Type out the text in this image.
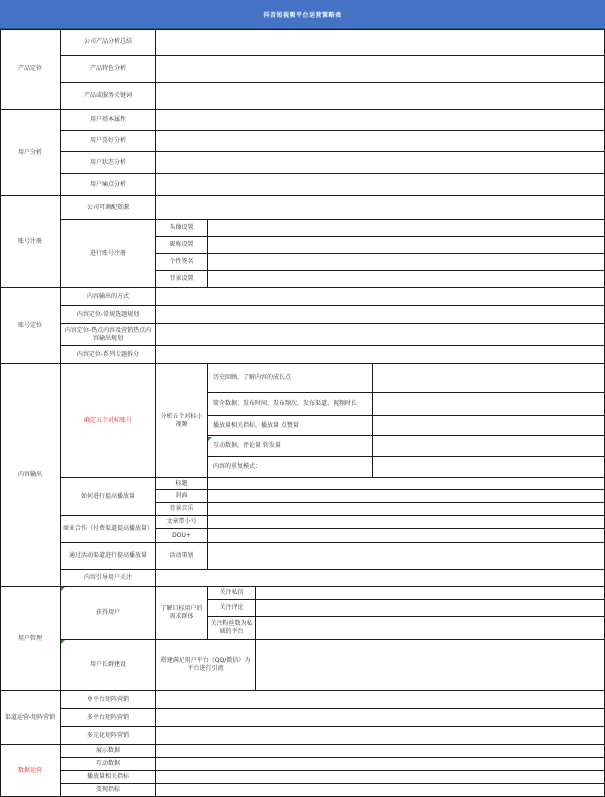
抖音短视频平台运营策略表
产品定位
公司产品分析总结
产品特色分析
产品或服务关键词
用户分析
用户基本属性
用户喜好分析
用户状态分析
用户痛点分析
账号注册
公司可调配资源
进行账号注册
头像设置
昵称设置
个性签名
背景设置
账号定位
内容输出的方式
内容定位-常规选题规划
内容定位-热点内容及营销热点内容输出规划
内容定位-系列专题拆分
内容输出
确定五个对标账号
分析五个对标小视频
历史回顾，了解内容的成长点
简介数据、发布时间、发布频次、发布渠道、视频时长
播放量相关指标，播放量 点赞量
互动数据，评论量 转发量
内容的重复模式：
如何进行提高播放量
标题
封面
背景音乐
商业合作（付费渠道提高播放量）
文章带小号
DOU+
通过活动渠道进行提高播放量	活动策划
内容引导用户关注
用户管理
获得用户
了解目标用户的需求群体
关注私信
关注评论
关注粉丝数为私域的平台
用户长群建设
搭建满足用户平台（QQ/微信）为平台进行引流
渠道运营-矩阵营销
单平台矩阵营销
多平台矩阵营销
多元化矩阵营销
数据运营
展示数据
互动数据
播放量相关指标
变现指标
